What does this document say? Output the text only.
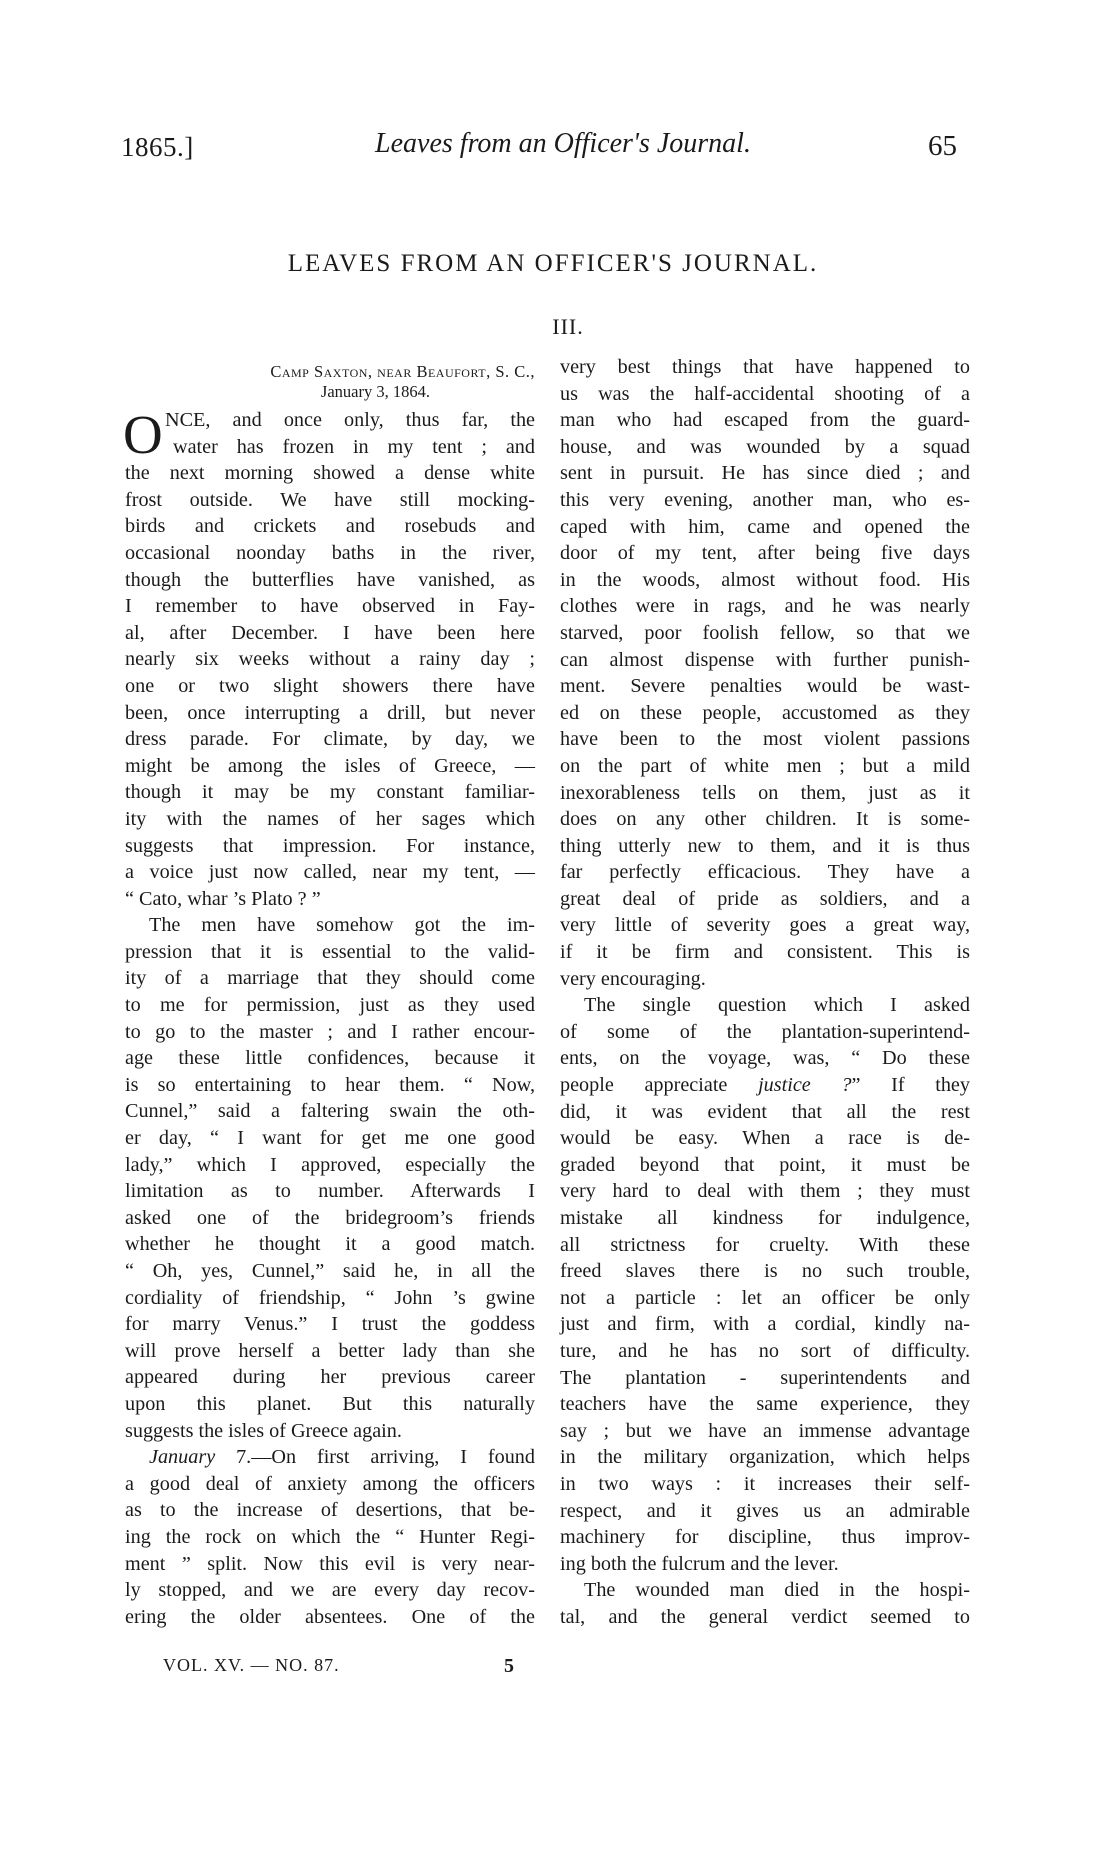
1865.]	Leaves from an Officer's Journal.	65
LEAVES FROM AN OFFICER'S JOURNAL.
III.
Camp Saxton, near Beaufort, S. C.,
January 3, 1864.
O NCE, and once only, thus far, the
water has frozen in my tent ; and
the next morning showed a dense white
frost outside. We have still mocking-
birds and crickets and rosebuds and
occasional noonday baths in the river,
though the butterflies have vanished, as
I remember to have observed in Fay-
al, after December. I have been here
nearly six weeks without a rainy day ;
one or two slight showers there have
been, once interrupting a drill, but never
dress parade. For climate, by day, we
might be among the isles of Greece, —
though it may be my constant familiar-
ity with the names of her sages which
suggests that impression. For instance,
a voice just now called, near my tent, —
“ Cato, whar ’s Plato ? ”
The men have somehow got the im-
pression that it is essential to the valid-
ity of a marriage that they should come
to me for permission, just as they used
to go to the master ; and I rather encour-
age these little confidences, because it
is so entertaining to hear them. “ Now,
Cunnel,” said a faltering swain the oth-
er day, “ I want for get me one good
lady,” which I approved, especially the
limitation as to number. Afterwards I
asked one of the bridegroom’s friends
whether he thought it a good match.
“ Oh, yes, Cunnel,” said he, in all the
cordiality of friendship, “ John ’s gwine
for marry Venus.” I trust the goddess
will prove herself a better lady than she
appeared during her previous career
upon this planet. But this naturally
suggests the isles of Greece again.
January 7.—On first arriving, I found
a good deal of anxiety among the officers
as to the increase of desertions, that be-
ing the rock on which the “ Hunter Regi-
ment ” split. Now this evil is very near-
ly stopped, and we are every day recov-
ering the older absentees. One of the
very best things that have happened to
us was the half-accidental shooting of a
man who had escaped from the guard-
house, and was wounded by a squad
sent in pursuit. He has since died ; and
this very evening, another man, who es-
caped with him, came and opened the
door of my tent, after being five days
in the woods, almost without food. His
clothes were in rags, and he was nearly
starved, poor foolish fellow, so that we
can almost dispense with further punish-
ment. Severe penalties would be wast-
ed on these people, accustomed as they
have been to the most violent passions
on the part of white men ; but a mild
inexorableness tells on them, just as it
does on any other children. It is some-
thing utterly new to them, and it is thus
far perfectly efficacious. They have a
great deal of pride as soldiers, and a
very little of severity goes a great way,
if it be firm and consistent. This is
very encouraging.
The single question which I asked
of some of the plantation-superintend-
ents, on the voyage, was, “ Do these
people appreciate justice ?” If they
did, it was evident that all the rest
would be easy. When a race is de-
graded beyond that point, it must be
very hard to deal with them ; they must
mistake all kindness for indulgence,
all strictness for cruelty. With these
freed slaves there is no such trouble,
not a particle : let an officer be only
just and firm, with a cordial, kindly na-
ture, and he has no sort of difficulty.
The plantation - superintendents and
teachers have the same experience, they
say ; but we have an immense advantage
in the military organization, which helps
in two ways : it increases their self-
respect, and it gives us an admirable
machinery for discipline, thus improv-
ing both the fulcrum and the lever.
The wounded man died in the hospi-
tal, and the general verdict seemed to
VOL. XV. — NO. 87.	5
